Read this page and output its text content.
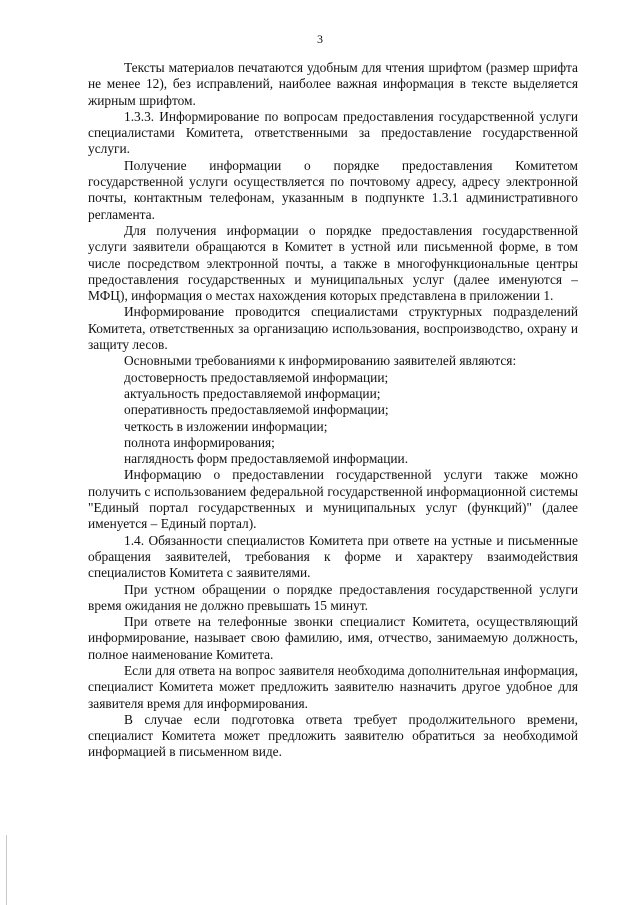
3

Тексты материалов печатаются удобным для чтения шрифтом (размер шрифта не менее 12), без исправлений, наиболее важная информация в тексте выделяется жирным шрифтом.

1.3.3. Информирование по вопросам предоставления государственной услуги специалистами Комитета, ответственными за предоставление государственной услуги.

Получение информации о порядке предоставления Комитетом государственной услуги осуществляется по почтовому адресу, адресу электронной почты, контактным телефонам, указанным в подпункте 1.3.1 административного регламента.

Для получения информации о порядке предоставления государственной услуги заявители обращаются в Комитет в устной или письменной форме, в том числе посредством электронной почты, а также в многофункциональные центры предоставления государственных и муниципальных услуг (далее именуются – МФЦ), информация о местах нахождения которых представлена в приложении 1.

Информирование проводится специалистами структурных подразделений Комитета, ответственных за организацию использования, воспроизводство, охрану и защиту лесов.

Основными требованиями к информированию заявителей являются:

достоверность предоставляемой информации;

актуальность предоставляемой информации;

оперативность предоставляемой информации;

четкость в изложении информации;

полнота информирования;

наглядность форм предоставляемой информации.

Информацию о предоставлении государственной услуги также можно получить с использованием федеральной государственной информационной системы "Единый портал государственных и муниципальных услуг (функций)" (далее именуется – Единый портал).

1.4. Обязанности специалистов Комитета при ответе на устные и письменные обращения заявителей, требования к форме и характеру взаимодействия специалистов Комитета с заявителями.

При устном обращении о порядке предоставления государственной услуги время ожидания не должно превышать 15 минут.

При ответе на телефонные звонки специалист Комитета, осуществляющий информирование, называет свою фамилию, имя, отчество, занимаемую должность, полное наименование Комитета.

Если для ответа на вопрос заявителя необходима дополнительная информация, специалист Комитета может предложить заявителю назначить другое удобное для заявителя время для информирования.

В случае если подготовка ответа требует продолжительного времени, специалист Комитета может предложить заявителю обратиться за необходимой информацией в письменном виде.
